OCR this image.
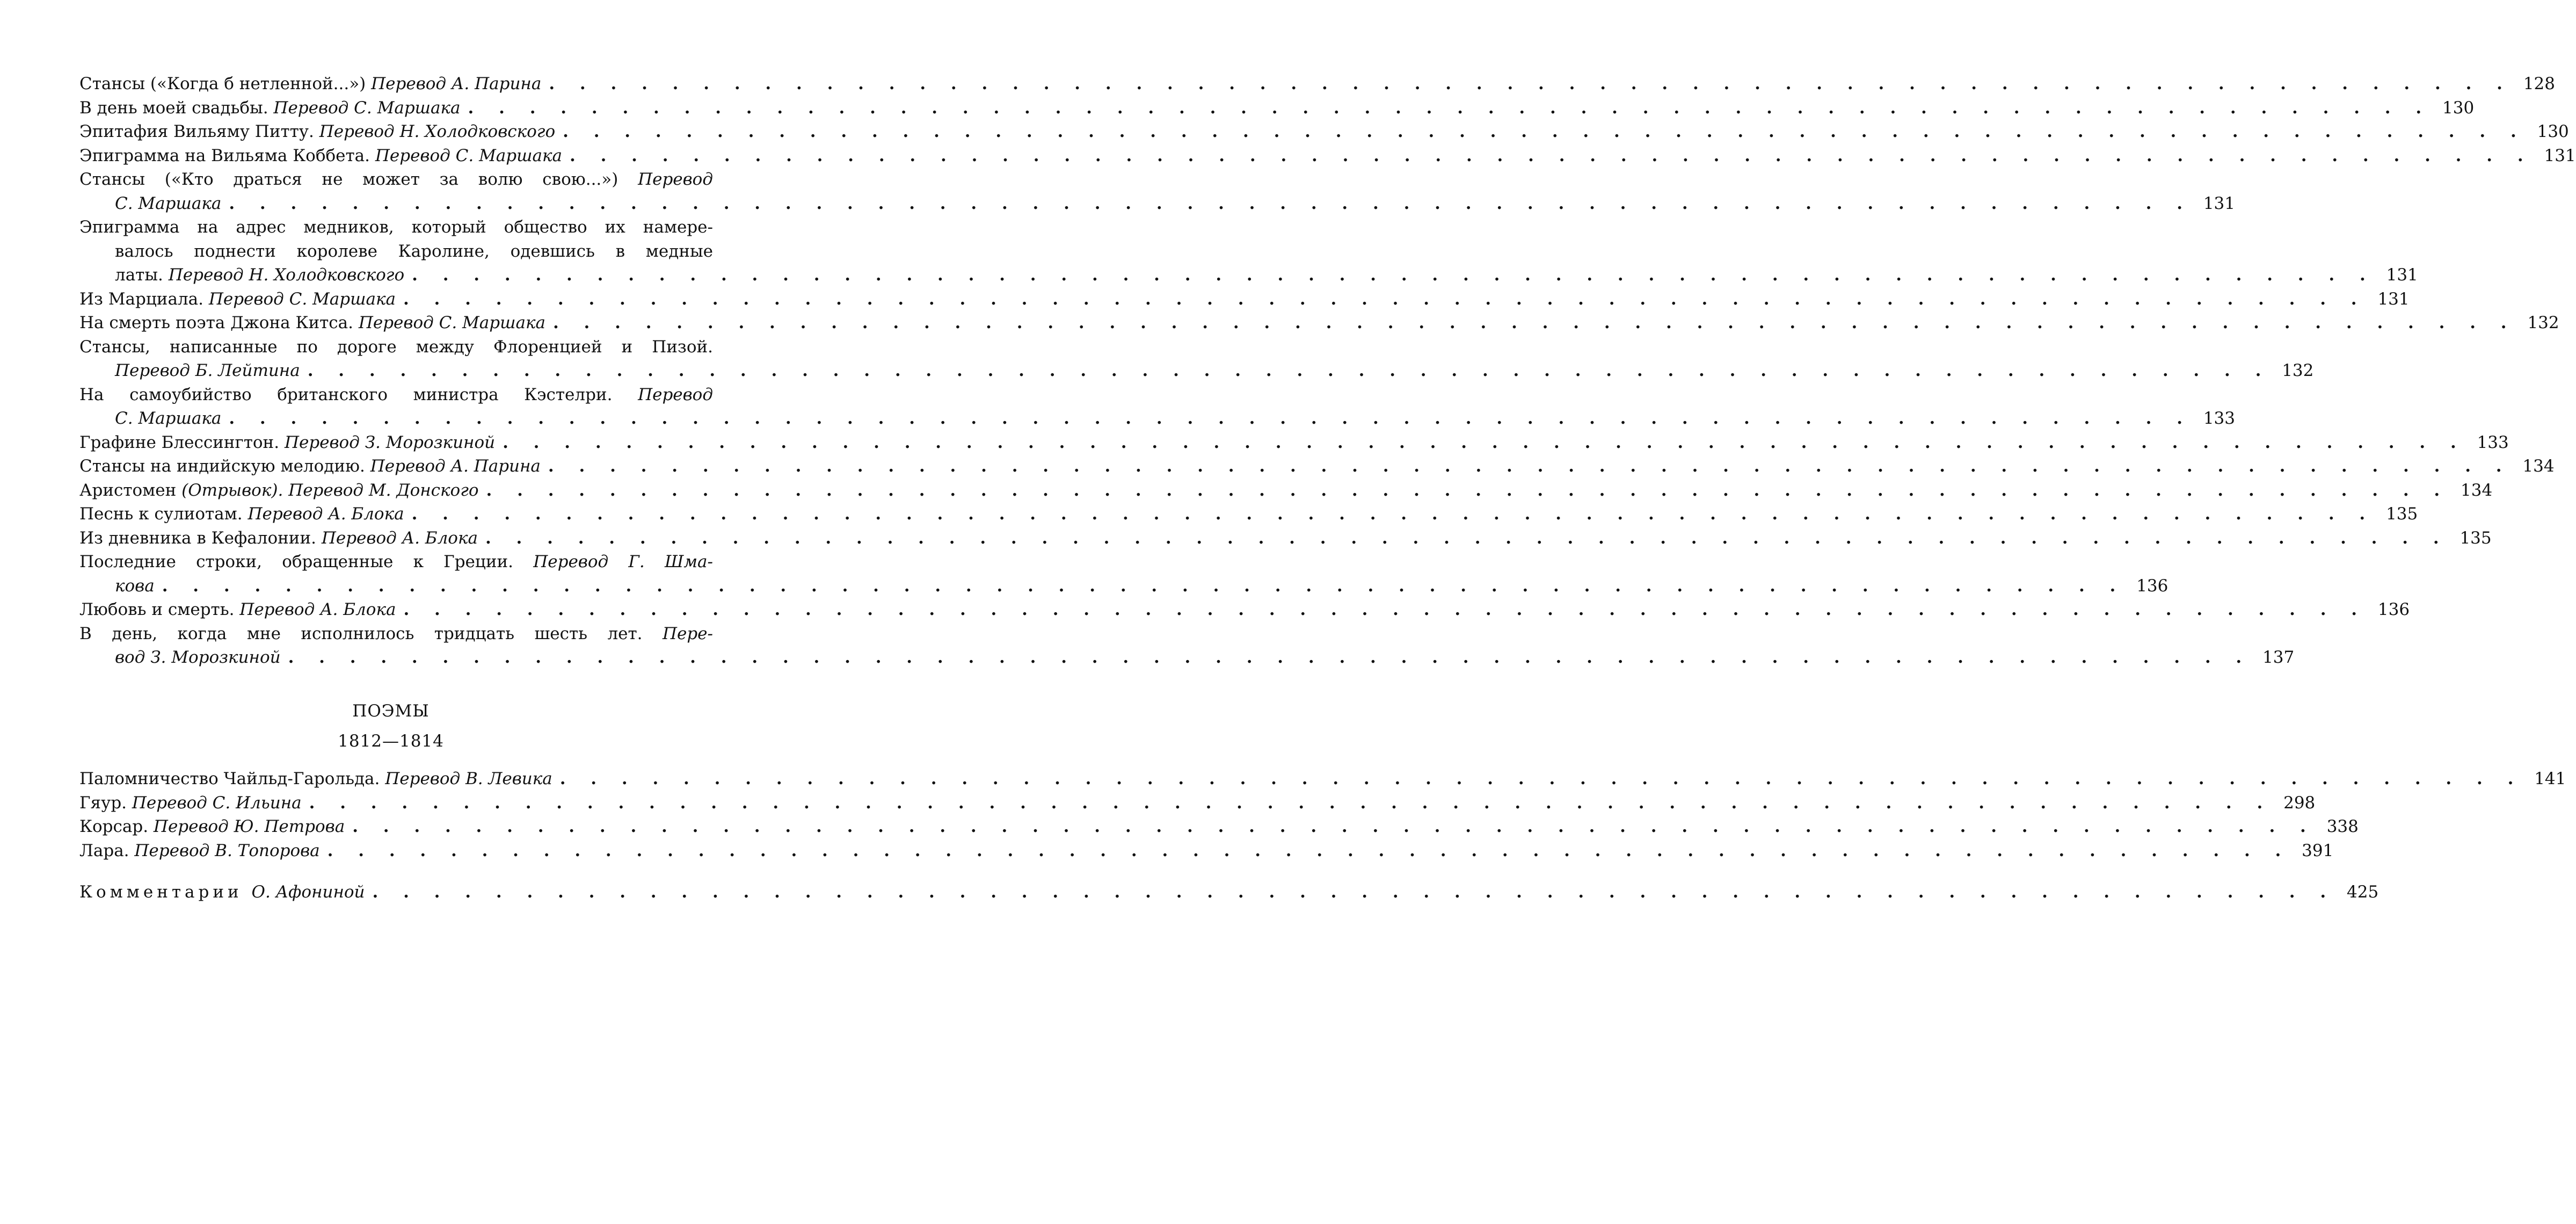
Стансы («Когда б нетленной...») Перевод А. Парина . . .	128
В день моей свадьбы. Перевод С. Маршака . . .	130
Эпитафия Вильяму Питту. Перевод Н. Холодковского . . .	130
Эпиграмма на Вильяма Коббета. Перевод С. Маршака . . .	131
Стансы («Кто драться не может за волю свою...») Перевод
С. Маршака . . .	131
Эпиграмма на адрес медников, который общество их намере-
валось поднести королеве Каролине, одевшись в медные
латы. Перевод Н. Холодковского . . .	131
Из Марциала. Перевод С. Маршака . . .	131
На смерть поэта Джона Китса. Перевод С. Маршака . . .	132
Стансы, написанные по дороге между Флоренцией и Пизой.
Перевод Б. Лейтина . . .	132
На самоубийство британского министра Кэстелри. Перевод
С. Маршака . . .	133
Графине Блессингтон. Перевод З. Морозкиной . . .	133
Стансы на индийскую мелодию. Перевод А. Парина . . .	134
Аристомен (Отрывок). Перевод М. Донского . . .	134
Песнь к сулиотам. Перевод А. Блока . . .	135
Из дневника в Кефалонии. Перевод А. Блока . . .	135
Последние строки, обращенные к Греции. Перевод Г. Шма-
кова . . .	136
Любовь и смерть. Перевод А. Блока . . .	136
В день, когда мне исполнилось тридцать шесть лет. Пере-
вод З. Морозкиной . . .	137
ПОЭМЫ
1812—1814
Паломничество Чайльд-Гарольда. Перевод В. Левика . . .	141
Гяур. Перевод С. Ильина . . .	298
Корсар. Перевод Ю. Петрова . . .	338
Лара. Перевод В. Топорова . . .	391
Комментарии О. Афониной . . .	425
